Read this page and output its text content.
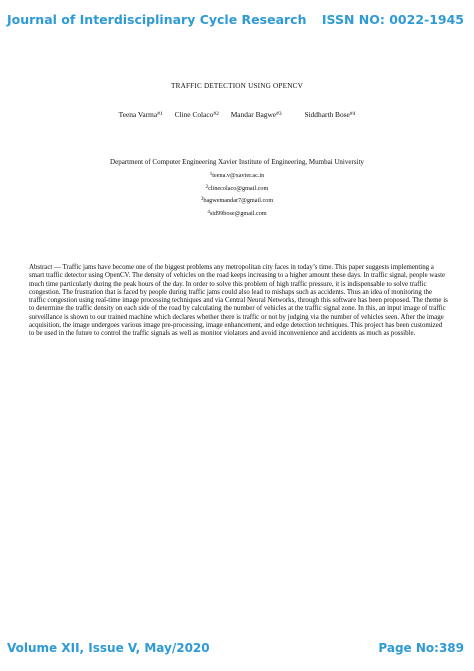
Journal of Interdisciplinary Cycle Research ISSN NO: 0022-1945
TRAFFIC DETECTION USING OPENCV
Teena Varma$^{\#1}$ Cline Colaco$^{\#2}$ Mandar Bagwe$^{\#3}$	Siddharth Bose$^{\#4}$
Department of Computer Engineering Xavier Institute of Engineering, Mumbai University
$^1$teena.v@xavier.ac.in
$^2$clinecolaco@gmail.com
$^3$bagwemandar7@gmail.com
$^4$sid99bose@gmail.com
Abstract — Traffic jams have become one of the biggest problems any metropolitan city faces in today’s time. This paper suggests implementing a smart traffic detector using OpenCV. The density of vehicles on the road keeps increasing to a higher amount these days. In traffic signal, people waste much time particularly during the peak hours of the day. In order to solve this problem of high traffic pressure, it is indispensable to solve traffic congestion. The frustration that is faced by people during traffic jams could also lead to mishaps such as accidents. Thus an idea of monitoring the traffic congestion using real-time image processing techniques and via Central Neural Networks, through this software has been proposed. The theme is to determine the traffic density on each side of the road by calculating the number of vehicles at the traffic signal zone. In this, an input image of traffic surveillance is shown to our trained machine which declares whether there is traffic or not by judging via the number of vehicles seen. After the image acquisition, the image undergoes various image pre-processing, image enhancement, and edge detection techniques. This project has been customized to be used in the future to control the traffic signals as well as monitor violators and avoid inconvenience and accidents as much as possible.
Volume XII, Issue V, May/2020	Page No:389
